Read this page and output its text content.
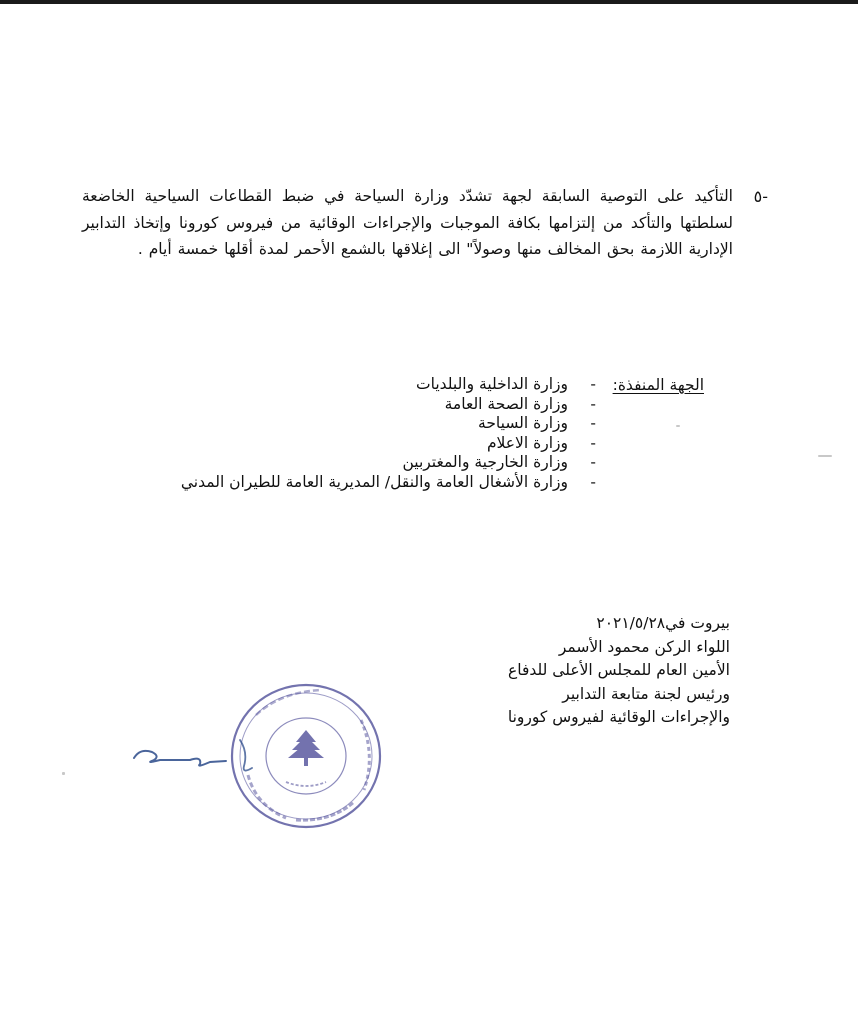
-٥
التأكيد على التوصية السابقة لجهة تشدّد وزارة السياحة في ضبط القطاعات السياحية الخاضعة لسلطتها والتأكد من إلتزامها بكافة الموجبات والإجراءات الوقائية من فيروس كورونا وإتخاذ التدابير الإدارية اللازمة بحق المخالف منها وصولاً" الى إغلاقها بالشمع الأحمر لمدة أقلها خمسة أيام .
الجهة المنفذة:
-
وزارة الداخلية والبلديات
-
وزارة الصحة العامة
-
وزارة السياحة
-
وزارة الاعلام
-
وزارة الخارجية والمغتربين
-
وزارة الأشغال العامة والنقل/ المديرية العامة للطيران المدني
بيروت في٢٠٢١/٥/٢٨
اللواء الركن محمود الأسمر
الأمين العام للمجلس الأعلى للدفاع
ورئيس لجنة متابعة التدابير
والإجراءات الوقائية لفيروس كورونا
